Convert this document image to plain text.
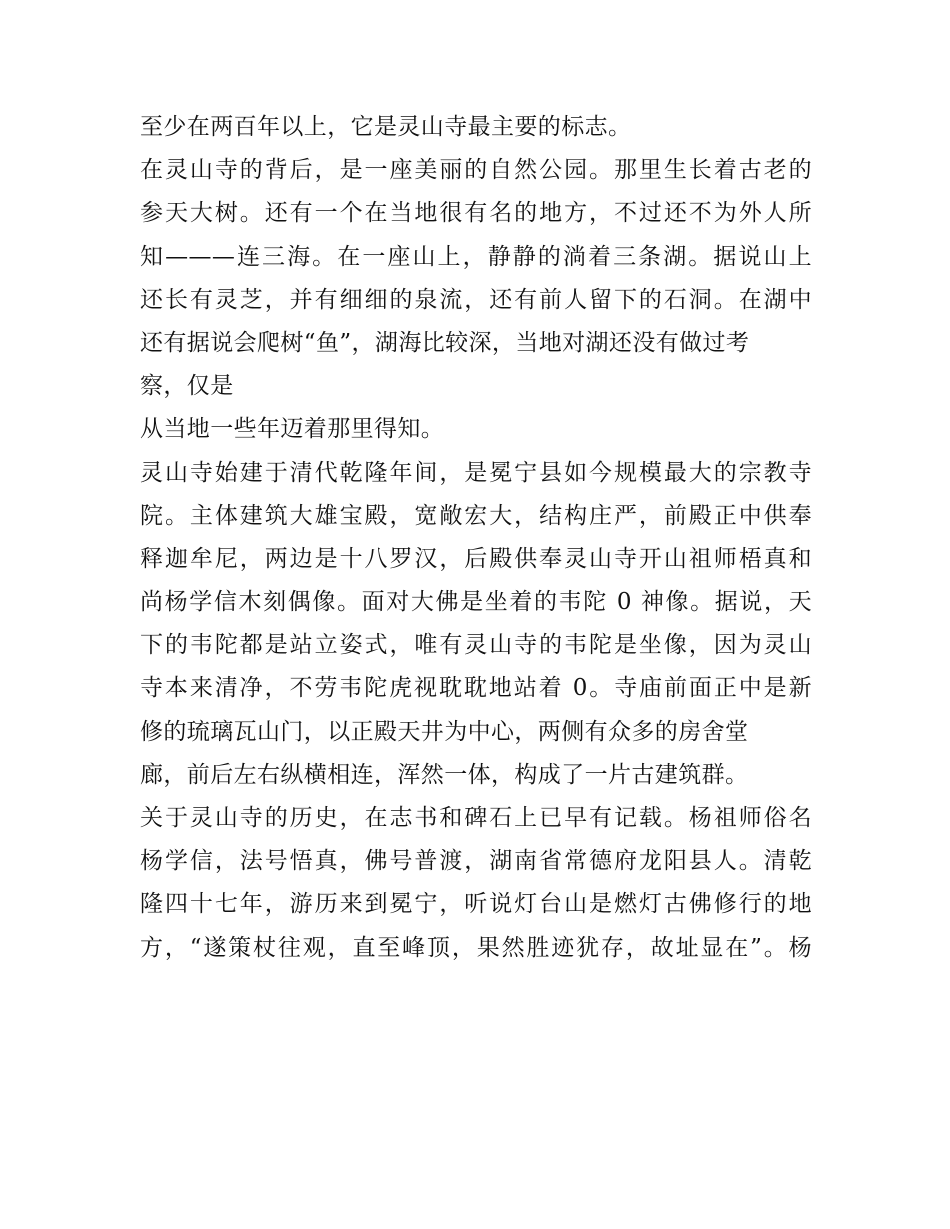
至少在两百年以上，它是灵山寺最主要的标志。
在灵山寺的背后，是一座美丽的自然公园。那里生长着古老的
参天大树。还有一个在当地很有名的地方，不过还不为外人所
知———连三海。在一座山上，静静的淌着三条湖。据说山上
还长有灵芝，并有细细的泉流，还有前人留下的石洞。在湖中
还有据说会爬树“鱼”，湖海比较深，当地对湖还没有做过考
察，仅是
从当地一些年迈着那里得知。
灵山寺始建于清代乾隆年间，是冕宁县如今规模最大的宗教寺
院。主体建筑大雄宝殿，宽敞宏大，结构庄严，前殿正中供奉
释迦牟尼，两边是十八罗汉，后殿供奉灵山寺开山祖师梧真和
尚杨学信木刻偶像。面对大佛是坐着的韦陀 0 神像。据说，天
下的韦陀都是站立姿式，唯有灵山寺的韦陀是坐像，因为灵山
寺本来清净，不劳韦陀虎视耽耽地站着 0。寺庙前面正中是新
修的琉璃瓦山门，以正殿天井为中心，两侧有众多的房舍堂
廊，前后左右纵横相连，浑然一体，构成了一片古建筑群。
关于灵山寺的历史，在志书和碑石上已早有记载。杨祖师俗名
杨学信，法号悟真，佛号普渡，湖南省常德府龙阳县人。清乾
隆四十七年，游历来到冕宁，听说灯台山是燃灯古佛修行的地
方，“遂策杖往观，直至峰顶，果然胜迹犹存，故址显在”。杨
